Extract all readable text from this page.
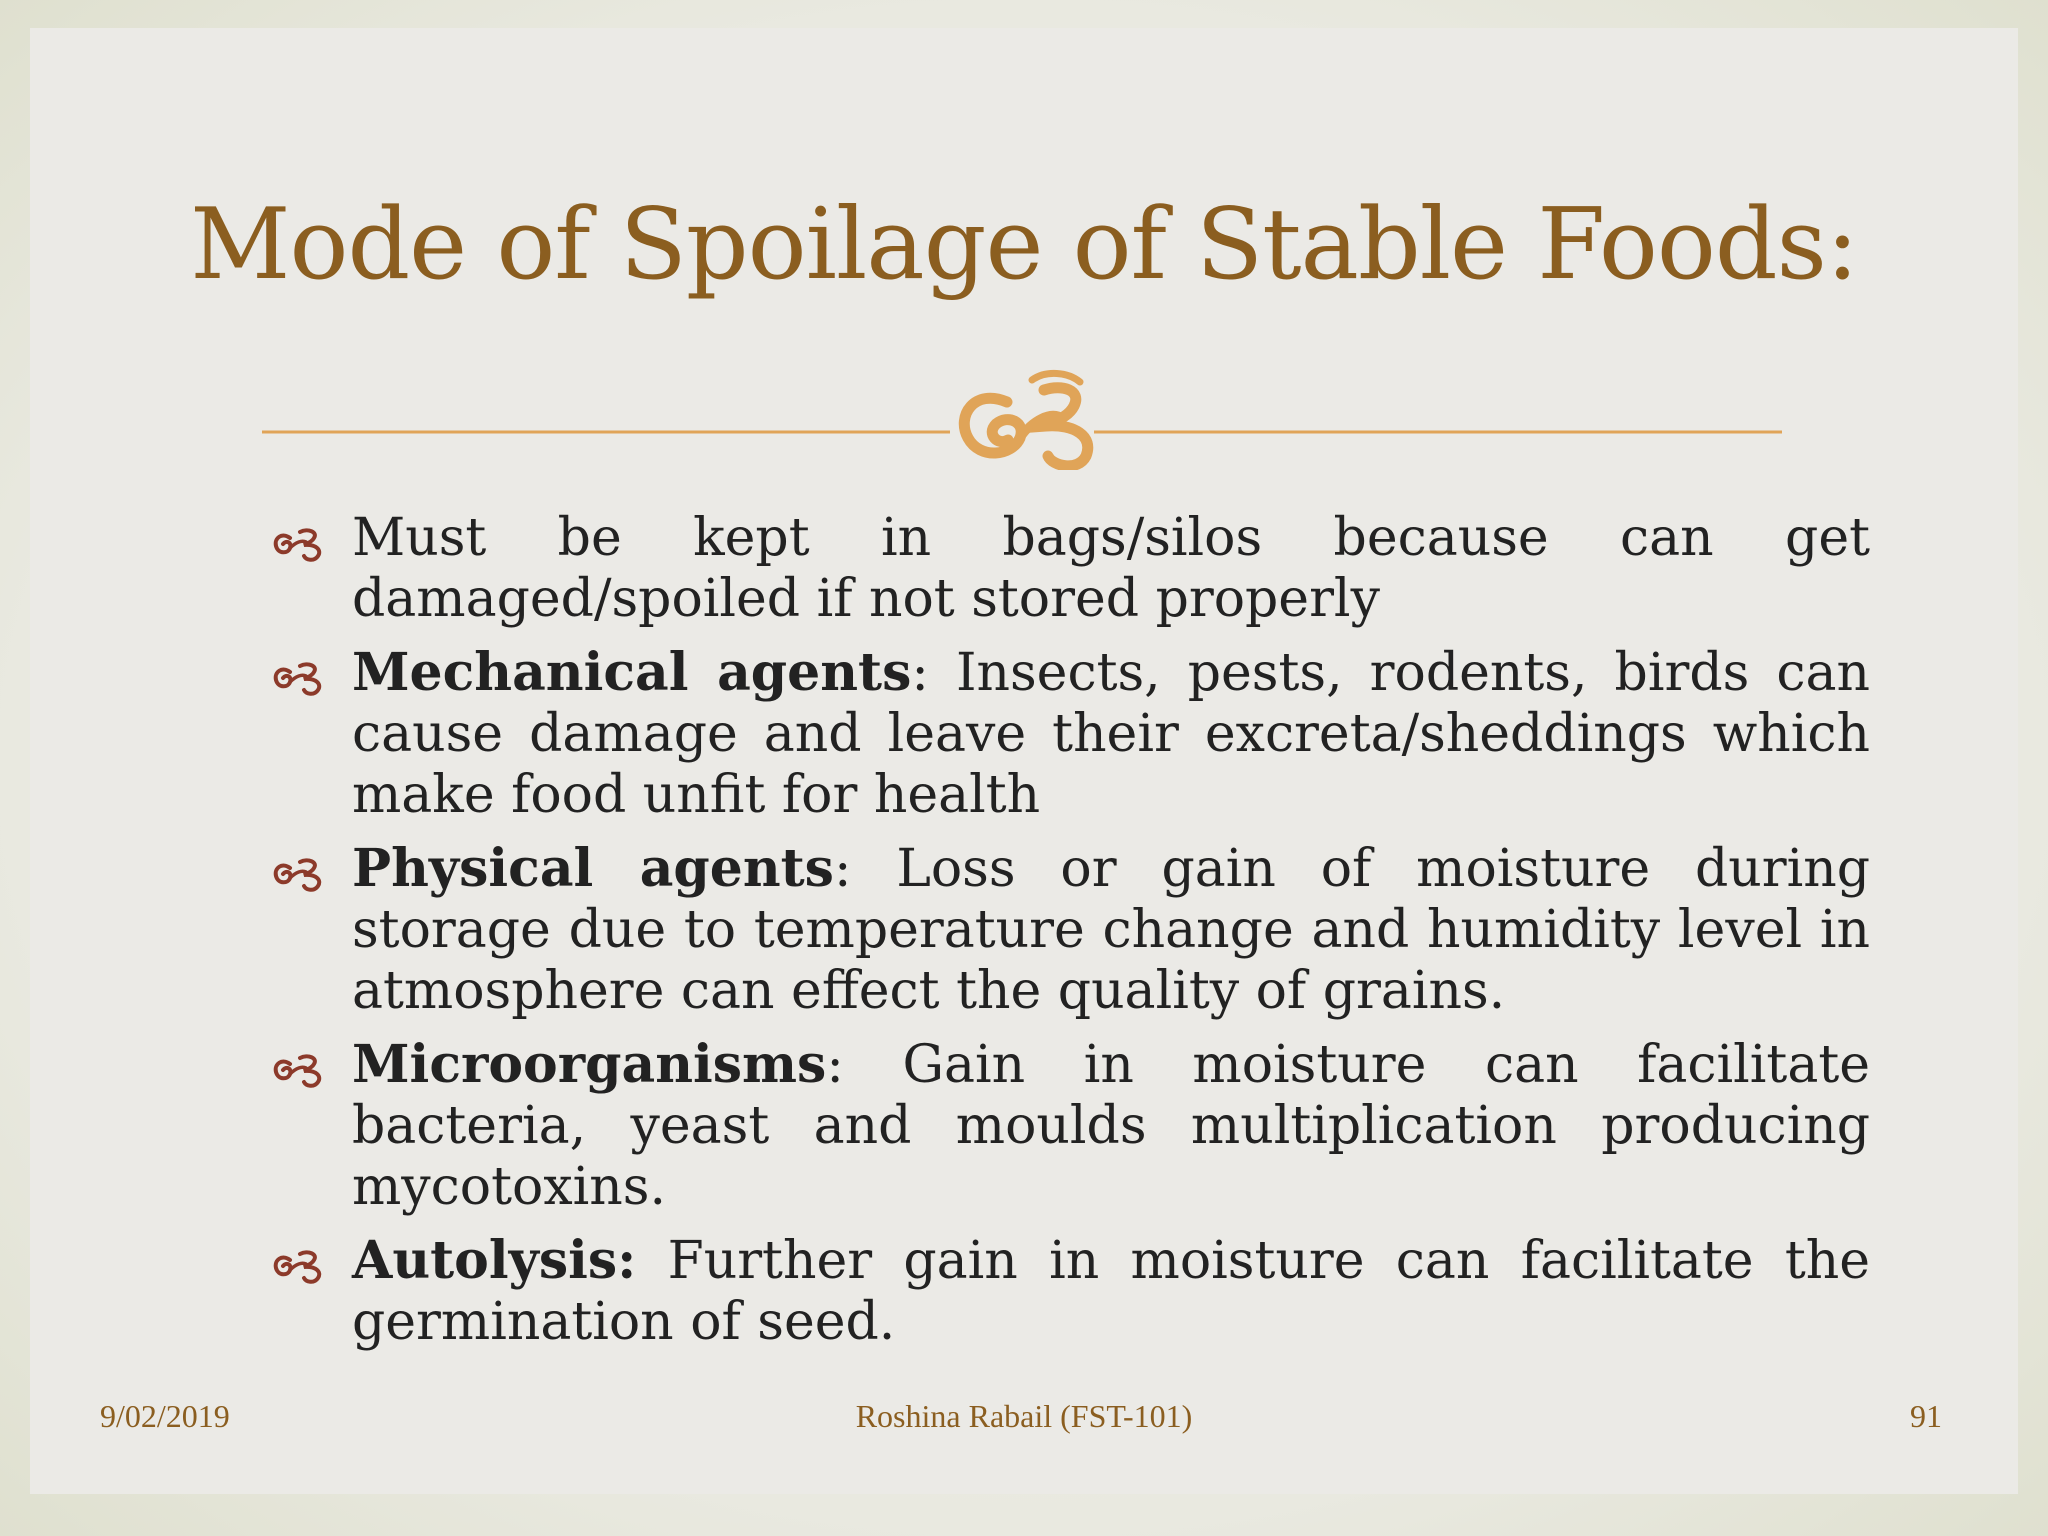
Mode of Spoilage of Stable Foods:
Must be kept in bags/silos because can get damaged/spoiled if not stored properly
Mechanical agents: Insects, pests, rodents, birds can cause damage and leave their excreta/sheddings which make food unfit for health
Physical agents: Loss or gain of moisture during storage due to temperature change and humidity level in atmosphere can effect the quality of grains.
Microorganisms: Gain in moisture can facilitate bacteria, yeast and moulds multiplication producing mycotoxins.
Autolysis: Further gain in moisture can facilitate the germination of seed.
9/02/2019	Roshina Rabail (FST-101)	91
